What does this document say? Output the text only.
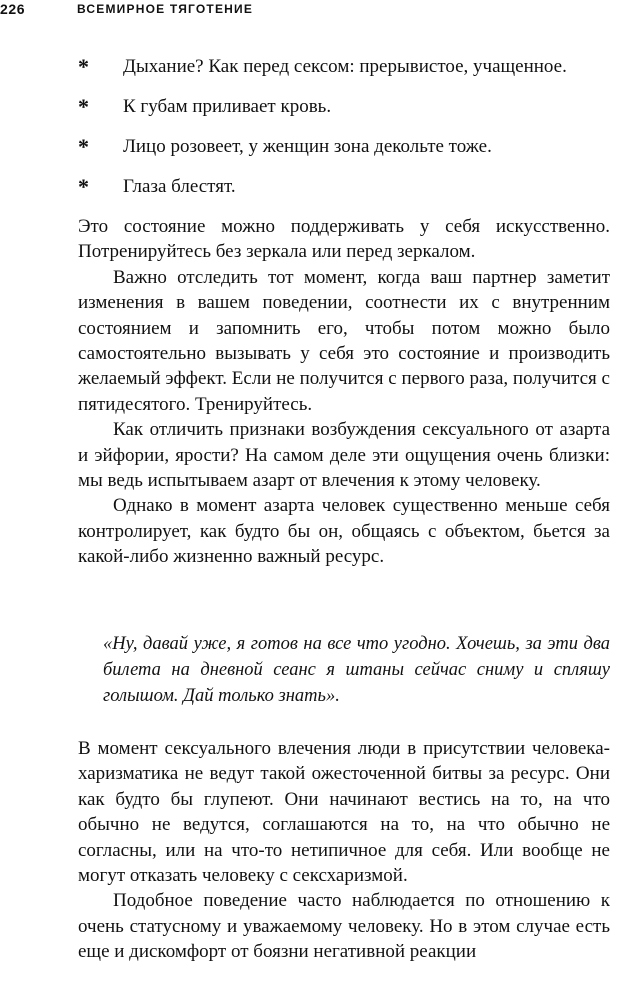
226	ВСЕМИРНОЕ ТЯГОТЕНИЕ
* Дыхание? Как перед сексом: прерывистое, учащенное.
* К губам приливает кровь.
* Лицо розовеет, у женщин зона декольте тоже.
* Глаза блестят.

Это состояние можно поддерживать у себя искусственно. Потренируйтесь без зеркала или перед зеркалом.

Важно отследить тот момент, когда ваш партнер заметит изменения в вашем поведении, соотнести их с внутренним состоянием и запомнить его, чтобы потом можно было самостоятельно вызывать у себя это состояние и производить желаемый эффект. Если не получится с первого раза, получится с пятидесятого. Тренируйтесь.

Как отличить признаки возбуждения сексуального от азарта и эйфории, ярости? На самом деле эти ощущения очень близки: мы ведь испытываем азарт от влечения к этому человеку.

Однако в момент азарта человек существенно меньше себя контролирует, как будто бы он, общаясь с объектом, бьется за какой-либо жизненно важный ресурс.

«Ну, давай уже, я готов на все что угодно. Хочешь, за эти два билета на дневной сеанс я штаны сейчас сниму и спляшу голышом. Дай только знать».

В момент сексуального влечения люди в присутствии человека-харизматика не ведут такой ожесточенной битвы за ресурс. Они как будто бы глупеют. Они начинают вестись на то, на что обычно не ведутся, соглашаются на то, на что обычно не согласны, или на что-то нетипичное для себя. Или вообще не могут отказать человеку с сексхаризмой.

Подобное поведение часто наблюдается по отношению к очень статусному и уважаемому человеку. Но в этом случае есть еще и дискомфорт от боязни негативной реакции
